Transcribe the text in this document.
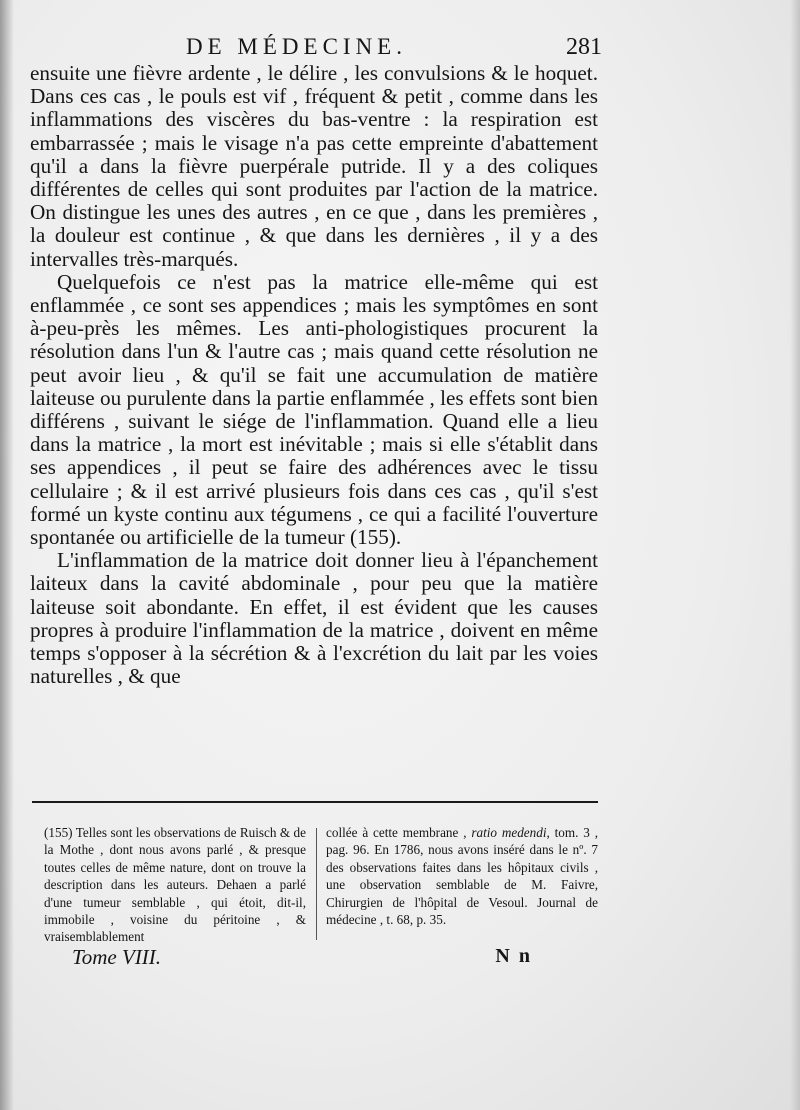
DE MÉDECINE.	281

ensuite une fièvre ardente , le délire , les convulsions & le hoquet. Dans ces cas , le pouls est vif , fréquent & petit , comme dans les inflammations des viscères du bas-ventre : la respiration est embarrassée ; mais le visage n'a pas cette empreinte d'abattement qu'il a dans la fièvre puerpérale putride. Il y a des coliques différentes de celles qui sont produites par l'action de la matrice. On distingue les unes des autres , en ce que , dans les premières , la douleur est continue , & que dans les dernières , il y a des intervalles très-marqués.

Quelquefois ce n'est pas la matrice elle-même qui est enflammée , ce sont ses appendices ; mais les symptômes en sont à-peu-près les mêmes. Les anti-phologistiques procurent la résolution dans l'un & l'autre cas ; mais quand cette résolution ne peut avoir lieu , & qu'il se fait une accumulation de matière laiteuse ou purulente dans la partie enflammée , les effets sont bien différens , suivant le siége de l'inflammation. Quand elle a lieu dans la matrice , la mort est inévitable ; mais si elle s'établit dans ses appendices , il peut se faire des adhérences avec le tissu cellulaire ; & il est arrivé plusieurs fois dans ces cas , qu'il s'est formé un kyste continu aux tégumens , ce qui a facilité l'ouverture spontanée ou artificielle de la tumeur (155).

L'inflammation de la matrice doit donner lieu à l'épanchement laiteux dans la cavité abdominale , pour peu que la matière laiteuse soit abondante. En effet, il est évident que les causes propres à produire l'inflammation de la matrice , doivent en même temps s'opposer à la sécrétion & à l'excrétion du lait par les voies naturelles , & que

(155) Telles sont les observations de Ruisch & de la Mothe , dont nous avons parlé , & presque toutes celles de même nature, dont on trouve la description dans les auteurs. Dehaen a parlé d'une tumeur semblable , qui étoit, dit-il, immobile , voisine du péritoine , & vraisemblablement
collée à cette membrane , ratio medendi, tom. 3 , pag. 96. En 1786, nous avons inséré dans le nº. 7 des observations faites dans les hôpitaux civils , une observation semblable de M. Faivre, Chirurgien de l'hôpital de Vesoul. Journal de médecine , t. 68, p. 35.
Tome VIII.	N n
